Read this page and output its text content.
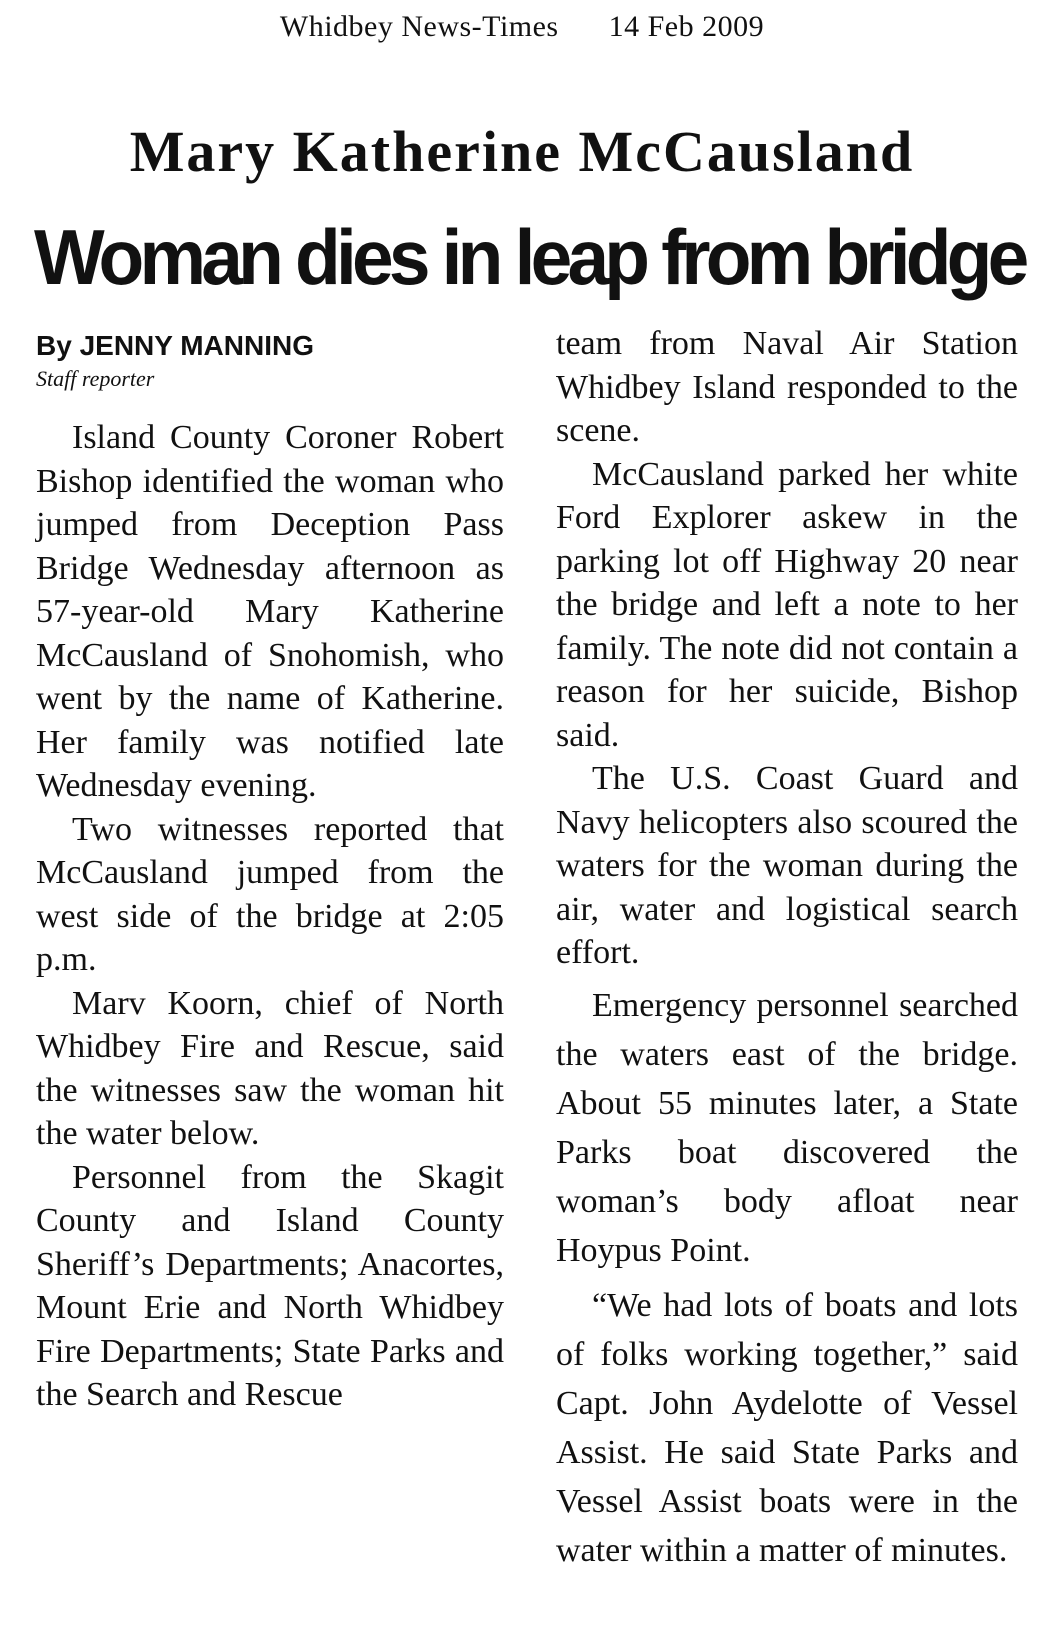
Whidbey News-Times 14 Feb 2009
Mary Katherine McCausland
Woman dies in leap from bridge

By JENNY MANNING

Staff reporter

Island County Coroner Robert Bishop identified the woman who jumped from Deception Pass Bridge Wednesday afternoon as 57-year-old Mary Katherine McCausland of Snohomish, who went by the name of Katherine. Her family was notified late Wednesday evening.

Two witnesses reported that McCausland jumped from the west side of the bridge at 2:05 p.m.

Marv Koorn, chief of North Whidbey Fire and Rescue, said the witnesses saw the woman hit the water below.

Personnel from the Skagit County and Island County Sheriff’s Departments; Anacortes, Mount Erie and North Whidbey Fire Departments; State Parks and the Search and Rescue

team from Naval Air Station Whidbey Island responded to the scene.

McCausland parked her white Ford Explorer askew in the parking lot off Highway 20 near the bridge and left a note to her family. The note did not contain a reason for her suicide, Bishop said.

The U.S. Coast Guard and Navy helicopters also scoured the waters for the woman during the air, water and logistical search effort.

Emergency personnel searched the waters east of the bridge. About 55 minutes later, a State Parks boat discovered the woman’s body afloat near Hoypus Point.

“We had lots of boats and lots of folks working together,” said Capt. John Aydelotte of Vessel Assist. He said State Parks and Vessel Assist boats were in the water within a matter of minutes.
